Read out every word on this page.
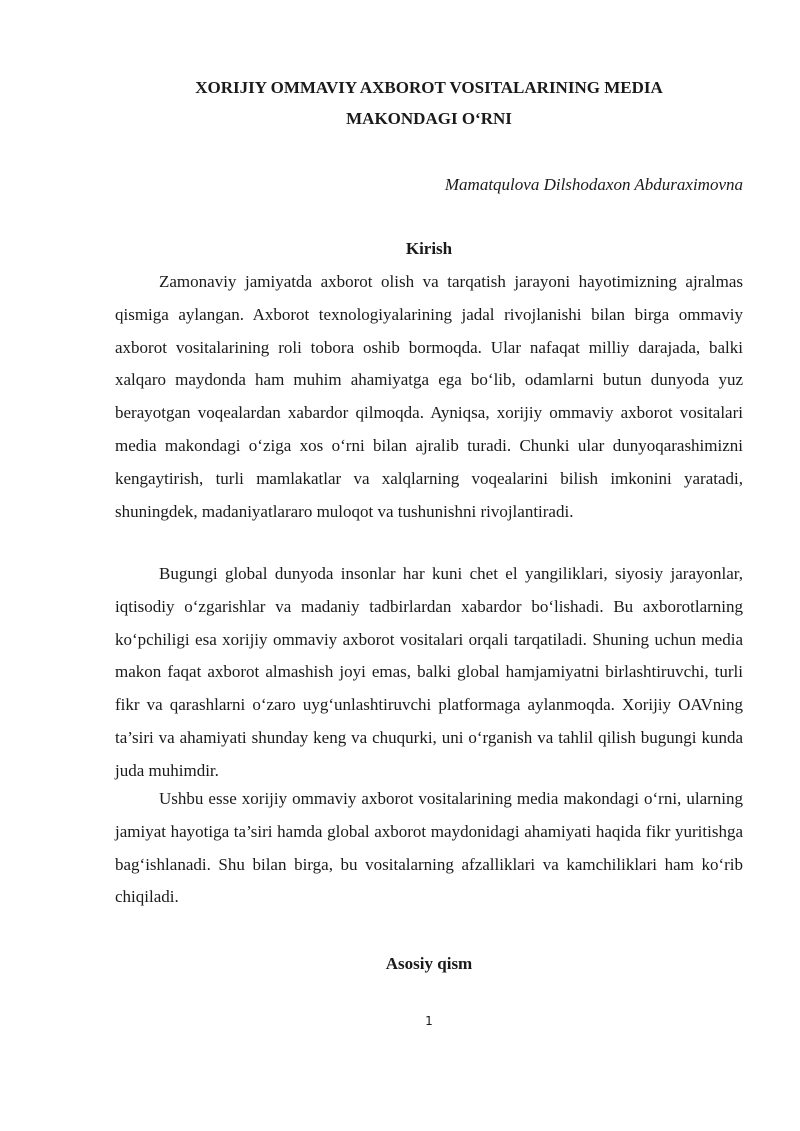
XORIJIY OMMAVIY AXBOROT VOSITALARINING MEDIA

MAKONDAGI O‘RNI

Mamatqulova Dilshodaxon Abduraximovna

Kirish

Zamonaviy jamiyatda axborot olish va tarqatish jarayoni hayotimizning ajralmas qismiga aylangan. Axborot texnologiyalarining jadal rivojlanishi bilan birga ommaviy axborot vositalarining roli tobora oshib bormoqda. Ular nafaqat milliy darajada, balki xalqaro maydonda ham muhim ahamiyatga ega bo‘lib, odamlarni butun dunyoda yuz berayotgan voqealardan xabardor qilmoqda. Ayniqsa, xorijiy ommaviy axborot vositalari media makondagi o‘ziga xos o‘rni bilan ajralib turadi. Chunki ular dunyoqarashimizni kengaytirish, turli mamlakatlar va xalqlarning voqealarini bilish imkonini yaratadi, shuningdek, madaniyatlararo muloqot va tushunishni rivojlantiradi.

Bugungi global dunyoda insonlar har kuni chet el yangiliklari, siyosiy jarayonlar, iqtisodiy o‘zgarishlar va madaniy tadbirlardan xabardor bo‘lishadi. Bu axborotlarning ko‘pchiligi esa xorijiy ommaviy axborot vositalari orqali tarqatiladi. Shuning uchun media makon faqat axborot almashish joyi emas, balki global hamjamiyatni birlashtiruvchi, turli fikr va qarashlarni o‘zaro uyg‘unlashtiruvchi platformaga aylanmoqda. Xorijiy OAVning ta’siri va ahamiyati shunday keng va chuqurki, uni o‘rganish va tahlil qilish bugungi kunda juda muhimdir.

Ushbu esse xorijiy ommaviy axborot vositalarining media makondagi o‘rni, ularning jamiyat hayotiga ta’siri hamda global axborot maydonidagi ahamiyati haqida fikr yuritishga bag‘ishlanadi. Shu bilan birga, bu vositalarning afzalliklari va kamchiliklari ham ko‘rib chiqiladi.

Asosiy qism

1
